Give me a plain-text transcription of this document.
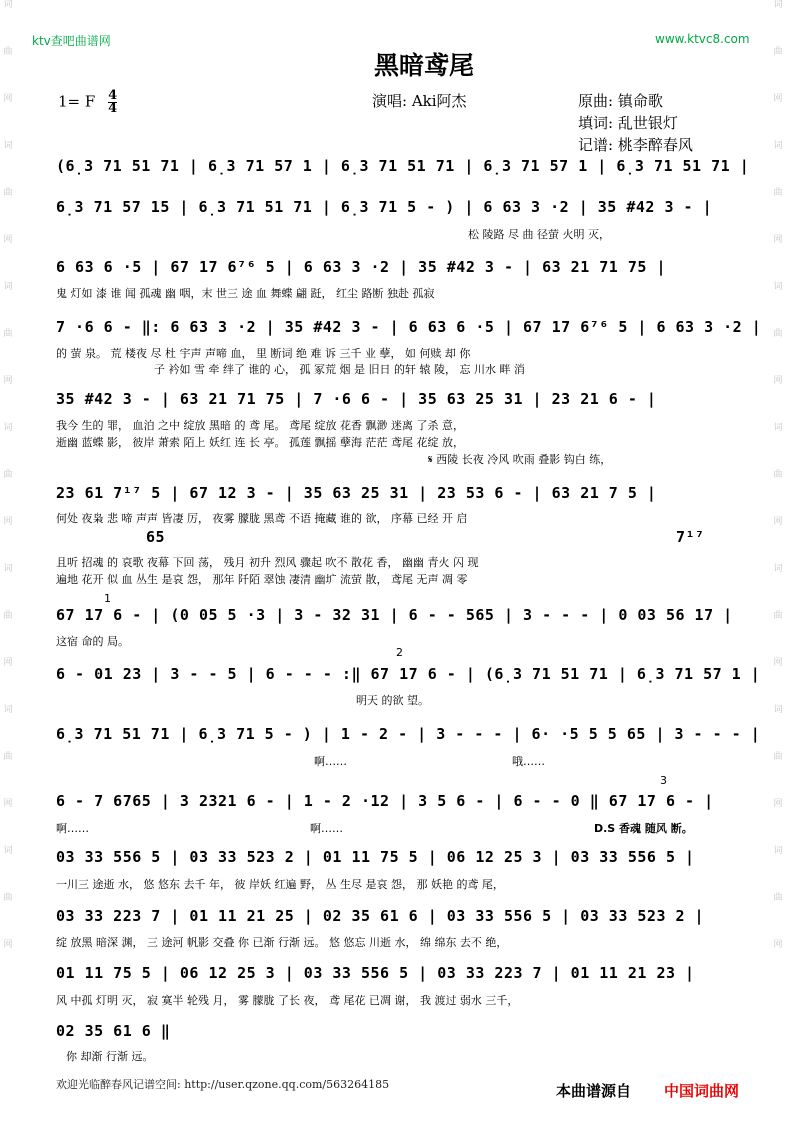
词
曲
网
词
曲
网
词
曲
网
词
曲
网
词
曲
网
词
曲
网
词
曲
网
词
曲
网
词
曲
网
词
曲
网
词
曲
网
词
曲
网
词
曲
网
词
曲
网
ktv查吧曲谱网	www.ktvc8.com
黑暗鸢尾
1= F $\frac{4}{4}$	演唱: Aki阿杰	原曲: 镇命歌
填词: 乱世银灯
记谱: 桃李醉春风
(6̣3 71 51 71 | 6̣3 71 57 1 | 6̣3 71 51 71 | 6̣3 71 57 1 | 6̣3 71 51 71 |
6̣3 71 57 15 | 6̣3 71 51 71 | 6̣3 71 5 - ) | 6 63 3 ·2 | 35 #42 3 - |
松 陵路 尽 曲 径萤 火明 灭，
6 63 6 ·5 | 67 17 6⁷⁶ 5 | 6 63 3 ·2 | 35 #42 3 - | 63 21 71 75 |
鬼 灯如 漆 谁 闻 孤魂 幽 咽，末 世三 途 血 舞蝶 翩 跹， 红尘 路断 独赴 孤寂
7 ·6 6 - ‖: 6 63 3 ·2 | 35 #42 3 - | 6 63 6 ·5 | 67 17 6⁷⁶ 5 | 6 63 3 ·2 |
的 萤 泉。 荒 楼夜 尽 杜 宇声 声啼 血， 里 断词 绝 难 诉 三千 业 孽， 如 何赎 却 你
子 衿如 雪 牵 绊了 谁的 心， 孤 冢荒 烟 是 旧日 的轩 辕 陵， 忘 川水 畔 消
35 #42 3 - | 63 21 71 75 | 7 ·6 6 - | 35 63 25 31 | 23 21 6 - |
我今 生的 罪， 血泊 之中 绽放 黑暗 的 鸢 尾。 鸢尾 绽放 花香 飘渺 迷离 了杀 意，
逝幽 蓝蝶 影， 彼岸 萧索 陌上 妖红 连 长 亭。 孤莲 飘摇 孽海 茫茫 鸢尾 花绽 放，
𝄋 西陵 长夜 冷风 吹雨 叠影 钩白 练，
23 61 7¹⁷ 5 | 67 12 3 - | 35 63 25 31 | 23 53 6 - | 63 21 7 5 |
何处 夜枭 悲 啼 声声 皆凄 厉， 夜雾 朦胧 黑鸢 不语 掩藏 谁的 欲， 序幕 已经 开 启
65	7¹⁷
且听 招魂 的 哀歌 夜幕 下回 荡， 残月 初升 烈风 骤起 吹不 散花 香， 幽幽 青火 闪 现
遍地 花开 似 血 丛生 是哀 怨， 那年 阡陌 翠蚀 凄清 幽圹 流萤 散， 鸢尾 无声 凋 零
1
67 17 6 - | (0 05 5 ·3 | 3 - 32 31 | 6 - - 565 | 3 - - - | 0 03 56 17 |
这宿 命的 局。
2
6 - 01 23 | 3 - - 5 | 6 - - - :‖ 67 17 6 - | (6̣3 71 51 71 | 6̣3 71 57 1 |
明天 的欲 望。
6̣3 71 51 71 | 6̣3 71 5 - ) | 1 - 2 - | 3 - - - | 6· ·5 5 5 65 | 3 - - - |
啊……	哦……
3
6 - 7 6765 | 3 2321 6 - | 1 - 2 ·12 | 3 5 6 - | 6 - - 0 ‖ 67 17 6 - |
啊……	啊……	D.S 香魂 随风 断。
03 33 556 5 | 03 33 523 2 | 01 11 75 5 | 06 12 25 3 | 03 33 556 5 |
一川三 途逝 水， 悠 悠东 去千 年， 彼 岸妖 红遍 野， 丛 生尽 是哀 怨， 那 妖艳 的鸢 尾，
03 33 223 7 | 01 11 21 25 | 02 35 61 6 | 03 33 556 5 | 03 33 523 2 |
绽 放黑 暗深 渊， 三 途河 帆影 交叠 你 已渐 行渐 远。 悠 悠忘 川逝 水， 绵 绵东 去不 绝，
01 11 75 5 | 06 12 25 3 | 03 33 556 5 | 03 33 223 7 | 01 11 21 23 |
风 中孤 灯明 灭， 寂 寞半 轮残 月， 雾 朦胧 了长 夜， 鸢 尾花 已凋 谢， 我 渡过 弱水 三千，
02 35 61 6 ‖
你 却渐 行渐 远。
欢迎光临醉春风记谱空间: http://user.qzone.qq.com/563264185	本曲谱源自 中国词曲网
